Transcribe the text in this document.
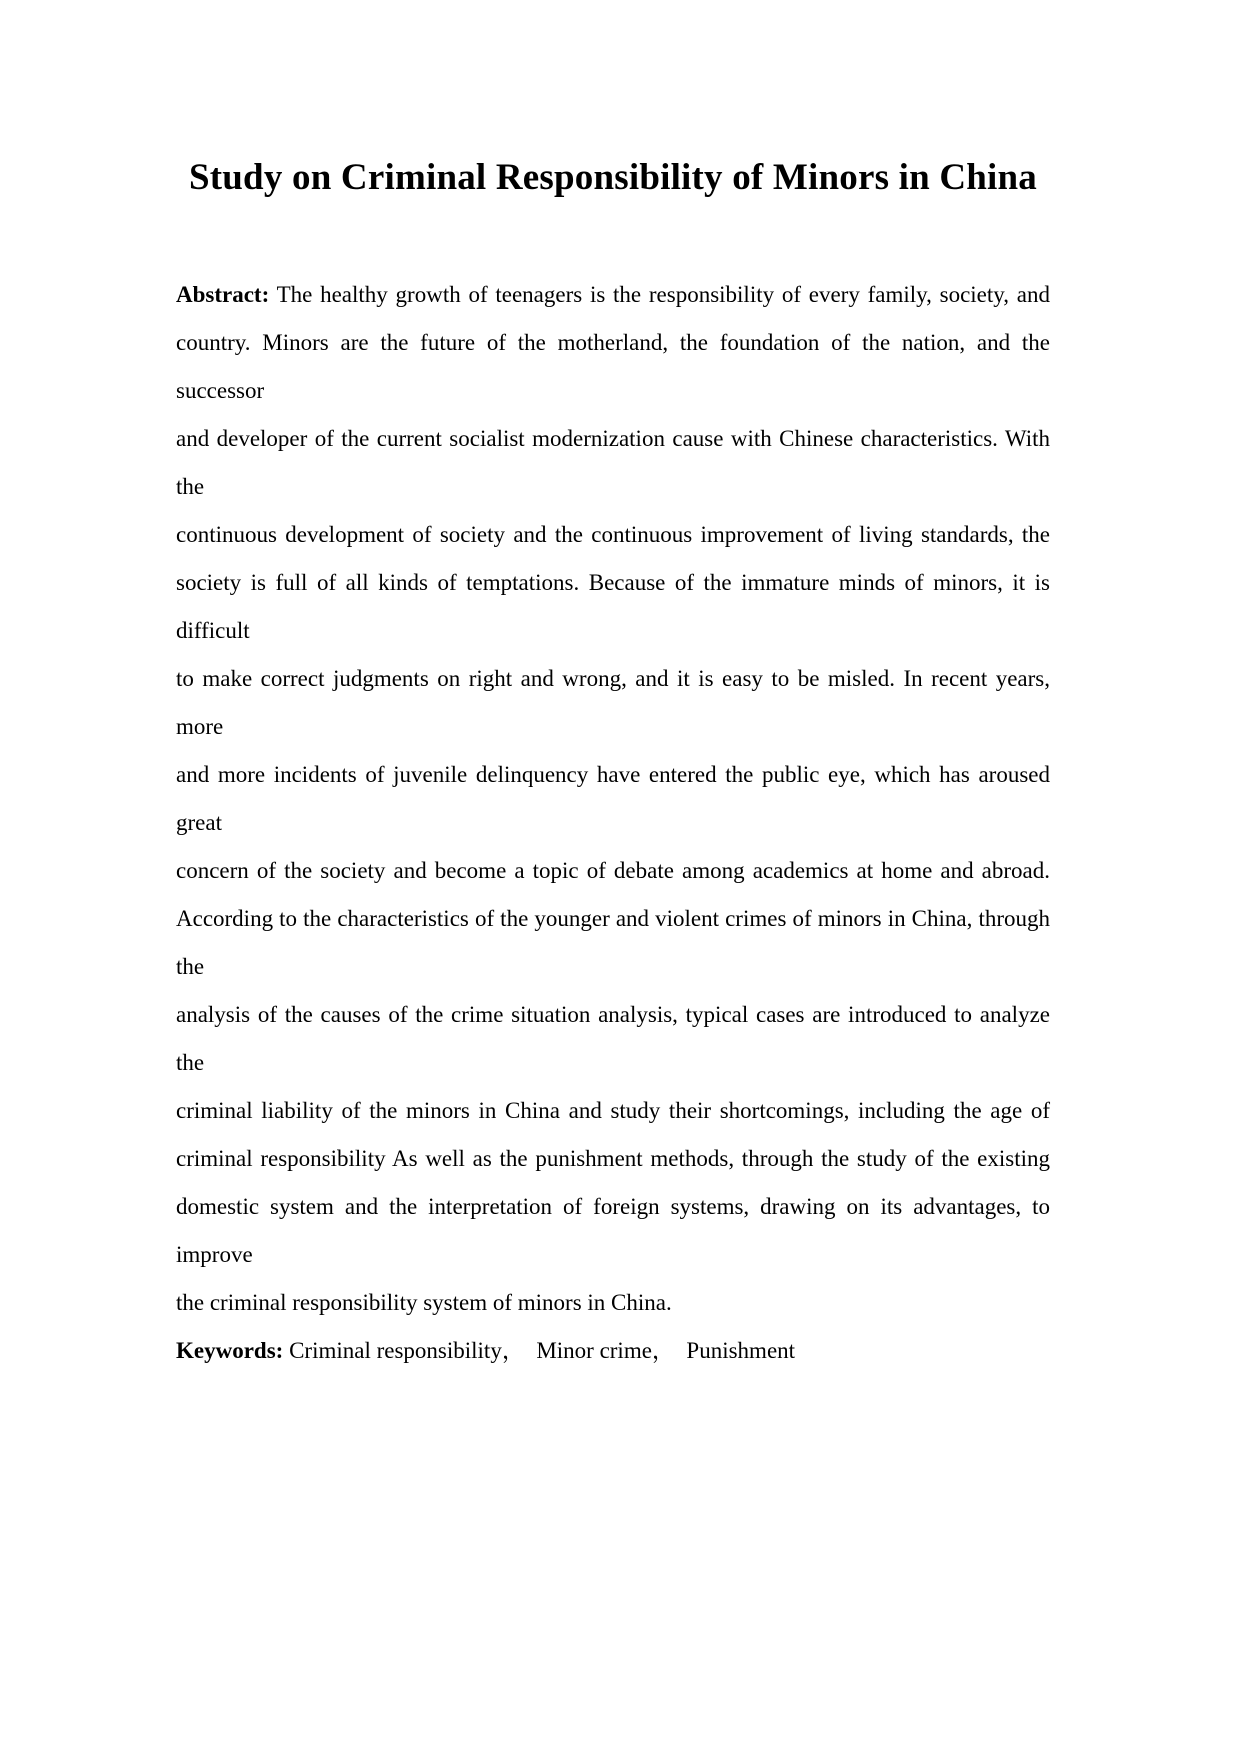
Study on Criminal Responsibility of Minors in China
Abstract: The healthy growth of teenagers is the responsibility of every family, society, and
country. Minors are the future of the motherland, the foundation of the nation, and the successor
and developer of the current socialist modernization cause with Chinese characteristics. With the
continuous development of society and the continuous improvement of living standards, the
society is full of all kinds of temptations. Because of the immature minds of minors, it is difficult
to make correct judgments on right and wrong, and it is easy to be misled. In recent years, more
and more incidents of juvenile delinquency have entered the public eye, which has aroused great
concern of the society and become a topic of debate among academics at home and abroad.
According to the characteristics of the younger and violent crimes of minors in China, through the
analysis of the causes of the crime situation analysis, typical cases are introduced to analyze the
criminal liability of the minors in China and study their shortcomings, including the age of
criminal responsibility As well as the punishment methods, through the study of the existing
domestic system and the interpretation of foreign systems, drawing on its advantages, to improve
the criminal responsibility system of minors in China.
Keywords: Criminal responsibility， Minor crime， Punishment
